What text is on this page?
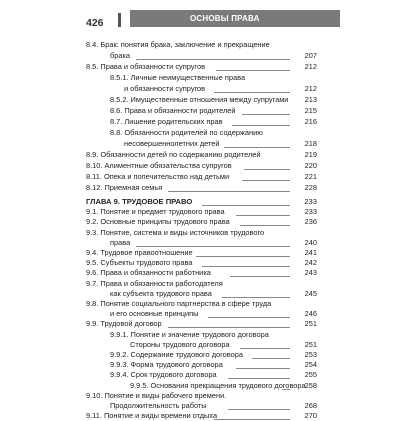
426	ОСНОВЫ ПРАВА
8.4. Брак: понятия брака, заключение и прекращение
брака	207
8.5. Права и обязанности супругов	212
8.5.1. Личные неимущественные права
и обязанности супругов	212
8.5.2. Имущественные отношения между супругами	213
8.6. Права и обязанности родителей	215
8.7. Лишение родительских прав	216
8.8. Обязанности родителей по содержанию
несовершеннолетних детей	218
8.9. Обязанности детей по содержанию родителей	219
8.10. Алиментные обязательства супругов	220
8.11. Опека и попечительство над детьми	221
8.12. Приемная семья	228
ГЛАВА 9. ТРУДОВОЕ ПРАВО	233
9.1. Понятие и предмет трудового права	233
9.2. Основные принципы трудового права	236
9.3. Понятие, система и виды источников трудового
права	240
9.4. Трудовое правоотношение	241
9.5. Субъекты трудового права	242
9.6. Права и обязанности работника	243
9.7. Права и обязанности работодателя
как субъекта трудового права	245
9.8. Понятие социального партнерства в сфере труда
и его основные принципы	246
9.9. Трудовой договор	251
9.9.1. Понятие и значение трудового договора
Стороны трудового договора	251
9.9.2. Содержание трудового договора	253
9.9.3. Форма трудового договора	254
9.9.4. Срок трудового договора	255
9.9.5. Основания прекращения трудового договора 258
9.10. Понятие и виды рабочего времени.
Продолжительность работы	268
9.11. Понятие и виды времени отдыха	270
